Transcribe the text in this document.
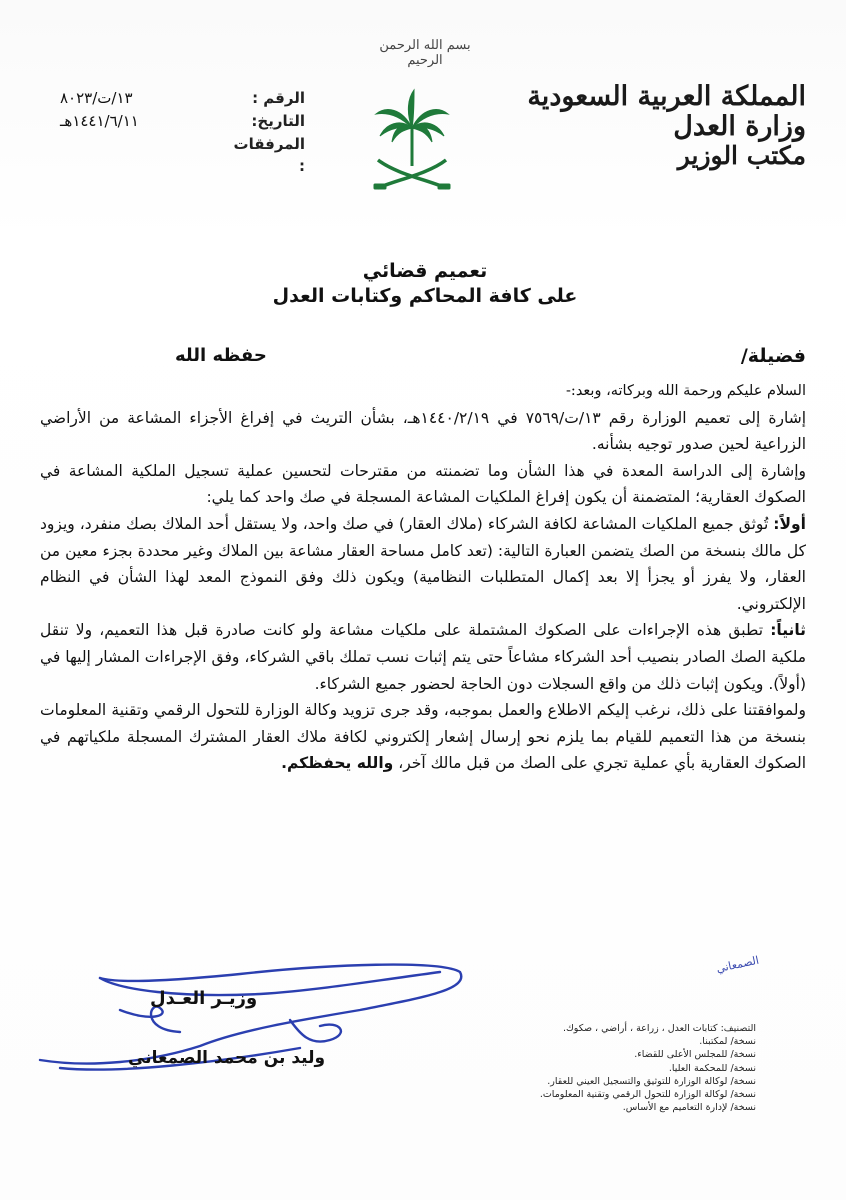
بسم الله الرحمن الرحيم
المملكة العربية السعودية
وزارة العدل
مكتب الوزير
الرقم :
١٣/ت/٨٠٢٣
التاريخ:
١٤٤١/٦/١١هـ
المرفقات :
تعميم قضائي
على كافة المحاكم وكتابات العدل
فضيلة/
حفظه الله

السلام عليكم ورحمة الله وبركاته، وبعد:-

إشارة إلى تعميم الوزارة رقم ١٣/ت/٧٥٦٩ في ١٤٤٠/٢/١٩هـ، بشأن التريث في إفراغ الأجزاء المشاعة من الأراضي الزراعية لحين صدور توجيه بشأنه.

وإشارة إلى الدراسة المعدة في هذا الشأن وما تضمنته من مقترحات لتحسين عملية تسجيل الملكية المشاعة في الصكوك العقارية؛ المتضمنة أن يكون إفراغ الملكيات المشاعة المسجلة في صك واحد كما يلي:

أولاً: تُوثق جميع الملكيات المشاعة لكافة الشركاء (ملاك العقار) في صك واحد، ولا يستقل أحد الملاك بصك منفرد، ويزود كل مالك بنسخة من الصك يتضمن العبارة التالية: (تعد كامل مساحة العقار مشاعة بين الملاك وغير محددة بجزء معين من العقار، ولا يفرز أو يجزأ إلا بعد إكمال المتطلبات النظامية) ويكون ذلك وفق النموذج المعد لهذا الشأن في النظام الإلكتروني.

ثانياً: تطبق هذه الإجراءات على الصكوك المشتملة على ملكيات مشاعة ولو كانت صادرة قبل هذا التعميم، ولا تنقل ملكية الصك الصادر بنصيب أحد الشركاء مشاعاً حتى يتم إثبات نسب تملك باقي الشركاء، وفق الإجراءات المشار إليها في (أولاً). ويكون إثبات ذلك من واقع السجلات دون الحاجة لحضور جميع الشركاء.

ولموافقتنا على ذلك، نرغب إليكم الاطلاع والعمل بموجبه، وقد جرى تزويد وكالة الوزارة للتحول الرقمي وتقنية المعلومات بنسخة من هذا التعميم للقيام بما يلزم نحو إرسال إشعار إلكتروني لكافة ملاك العقار المشترك المسجلة ملكياتهم في الصكوك العقارية بأي عملية تجري على الصك من قبل مالك آخر، والله يحفظكم.

وزيـر العـدل
وليد بن محمد الصمعاني
الصمعاني
التصنيف: كتابات العدل ، زراعة ، أراضي ، صكوك.
نسخة/ لمكتبنا.
نسخة/ للمجلس الأعلى للقضاء.
نسخة/ للمحكمة العليا.
نسخة/ لوكالة الوزارة للتوثيق والتسجيل العيني للعقار.
نسخة/ لوكالة الوزارة للتحول الرقمي وتقنية المعلومات.
نسخة/ لإدارة التعاميم مع الأساس.
